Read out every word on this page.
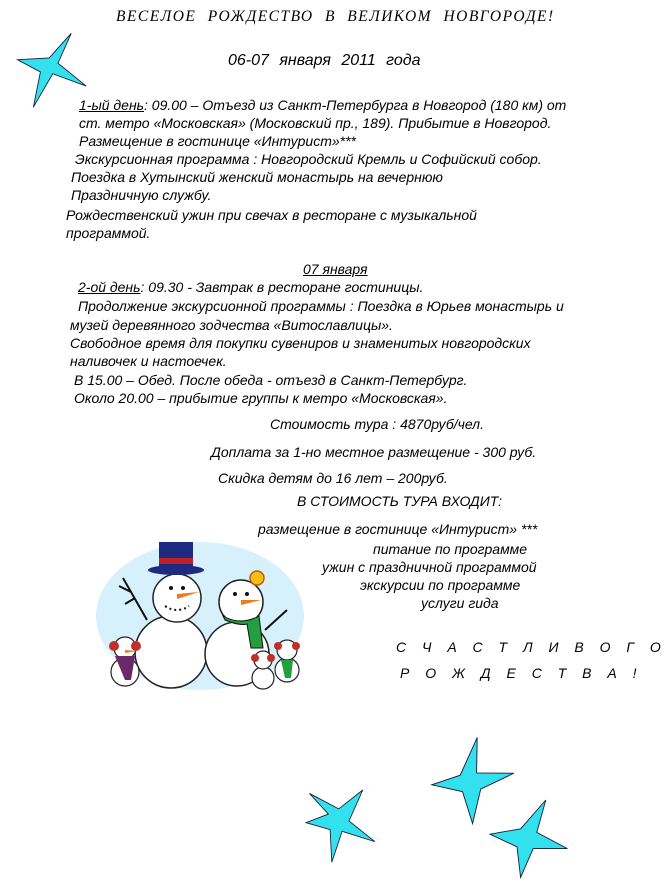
ВЕСЕЛОЕ РОЖДЕСТВО В ВЕЛИКОМ НОВГОРОДЕ!
06-07 января 2011 года
1-ый день: 09.00 – Отъезд из Санкт-Петербурга в Новгород (180 км) от
ст. метро «Московская» (Московский пр., 189). Прибытие в Новгород.
Размещение в гостинице «Интурист»***
Экскурсионная программа : Новгородский Кремль и Софийский собор.
Поездка в Хутынский женский монастырь на вечернюю
Праздничную службу.
Рождественский ужин при свечах в ресторане с музыкальной
программой.
07 января
2-ой день: 09.30 - Завтрак в ресторане гостиницы.
Продолжение экскурсионной программы : Поездка в Юрьев монастырь и
музей деревянного зодчества «Витославлицы».
Свободное время для покупки сувениров и знаменитых новгородских
наливочек и настоечек.
В 15.00 – Обед. После обеда - отъезд в Санкт-Петербург.
Около 20.00 – прибытие группы к метро «Московская».
Стоимость тура : 4870руб/чел.
Доплата за 1-но местное размещение - 300 руб.
Скидка детям до 16 лет – 200руб.
В СТОИМОСТЬ ТУРА ВХОДИТ:
размещение в гостинице «Интурист» ***
питание по программе
ужин с праздничной программой
экскурсии по программе
услуги гида
С Ч А С Т Л И В О Г О
Р О Ж Д Е С Т В А !
